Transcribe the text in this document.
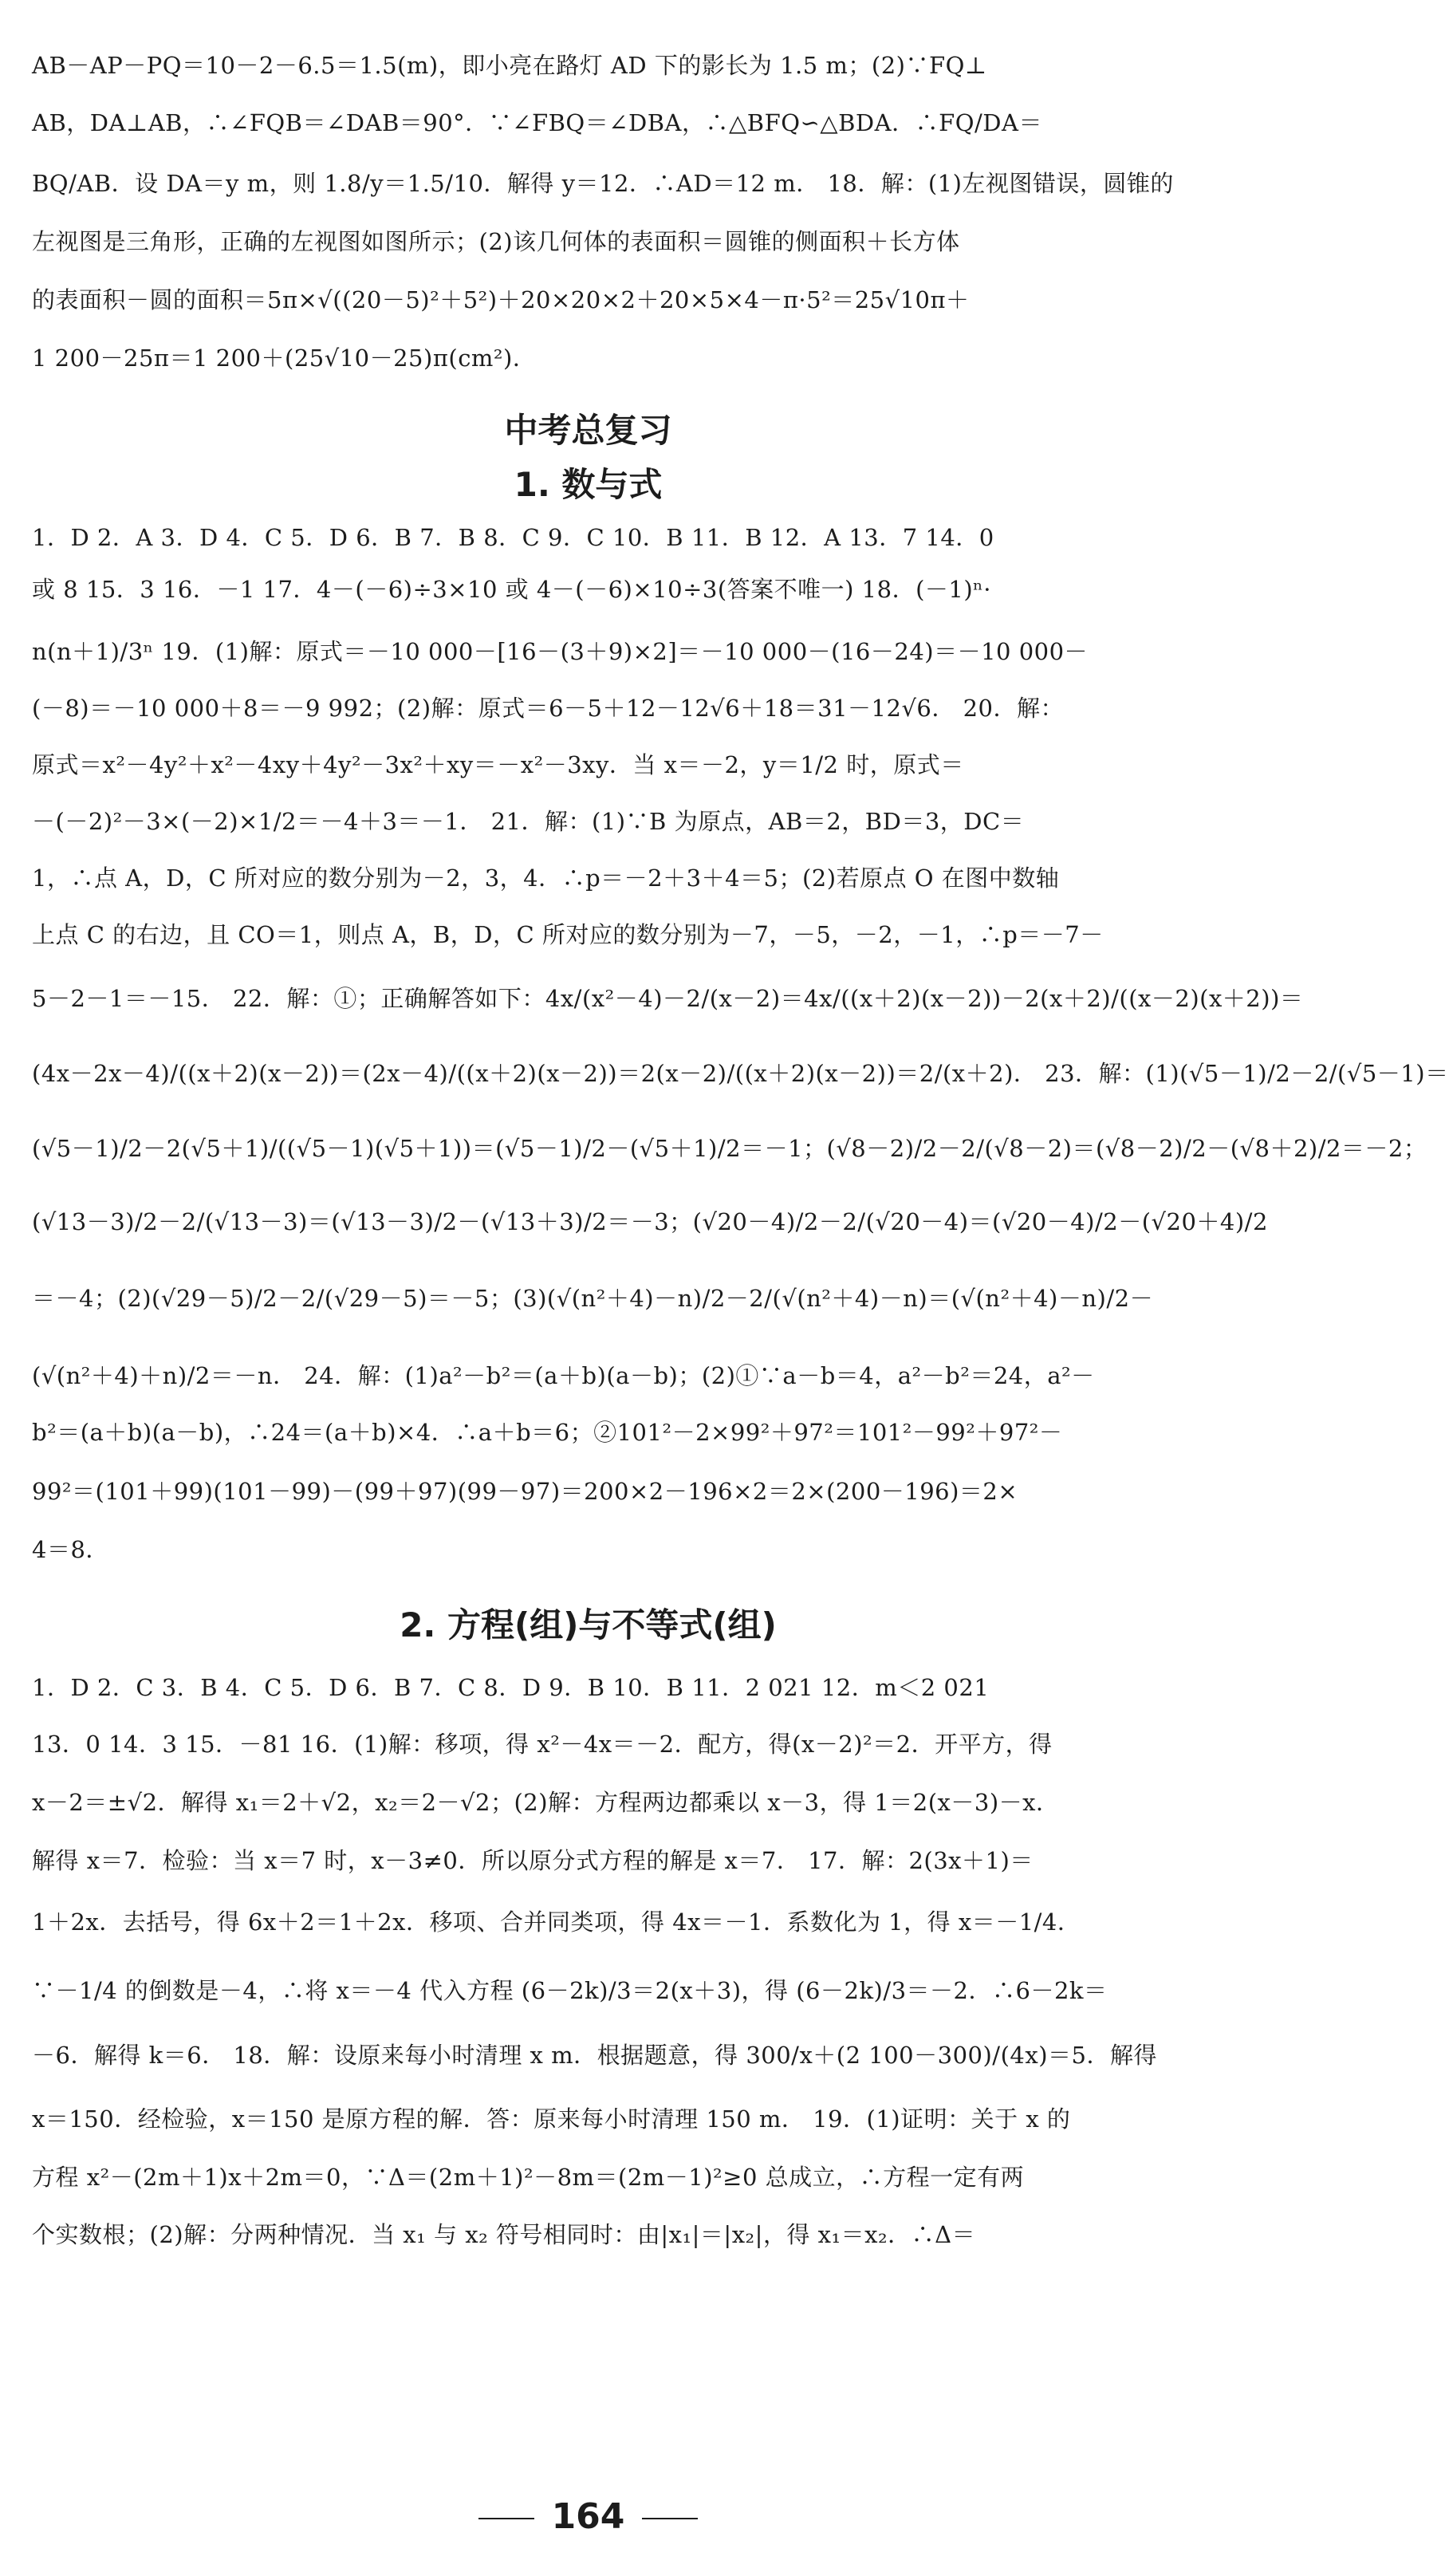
AB－AP－PQ＝10－2－6.5＝1.5(m)，即小亮在路灯 AD 下的影长为 1.5 m；(2)∵FQ⊥
AB，DA⊥AB，∴∠FQB＝∠DAB＝90°．∵∠FBQ＝∠DBA，∴△BFQ∽△BDA．∴FQ/DA＝
BQ/AB．设 DA＝y m，则 1.8/y＝1.5/10．解得 y＝12．∴AD＝12 m． 18．解：(1)左视图错误，圆锥的
左视图是三角形，正确的左视图如图所示；(2)该几何体的表面积＝圆锥的侧面积＋长方体
的表面积－圆的面积＝5π×√((20－5)²＋5²)＋20×20×2＋20×5×4－π·5²＝25√10π＋
1 200－25π＝1 200＋(25√10－25)π(cm²)．
中考总复习
1. 数与式
1．D 2．A 3．D 4．C 5．D 6．B 7．B 8．C 9．C 10．B 11．B 12．A 13．7 14．0
或 8 15．3 16．－1 17．4－(－6)÷3×10 或 4－(－6)×10÷3(答案不唯一) 18．(－1)ⁿ·
n(n＋1)/3ⁿ 19．(1)解：原式＝－10 000－[16－(3＋9)×2]＝－10 000－(16－24)＝－10 000－
(－8)＝－10 000＋8＝－9 992；(2)解：原式＝6－5＋12－12√6＋18＝31－12√6． 20．解：
原式＝x²－4y²＋x²－4xy＋4y²－3x²＋xy＝－x²－3xy．当 x＝－2，y＝1/2 时，原式＝
－(－2)²－3×(－2)×1/2＝－4＋3＝－1． 21．解：(1)∵B 为原点，AB＝2，BD＝3，DC＝
1，∴点 A，D，C 所对应的数分别为－2，3，4．∴p＝－2＋3＋4＝5；(2)若原点 O 在图中数轴
上点 C 的右边，且 CO＝1，则点 A，B，D，C 所对应的数分别为－7，－5，－2，－1，∴p＝－7－
5－2－1＝－15． 22．解：①；正确解答如下：4x/(x²－4)－2/(x－2)＝4x/((x＋2)(x－2))－2(x＋2)/((x－2)(x＋2))＝
(4x－2x－4)/((x＋2)(x－2))＝(2x－4)/((x＋2)(x－2))＝2(x－2)/((x＋2)(x－2))＝2/(x＋2)． 23．解：(1)(√5－1)/2－2/(√5－1)＝
(√5－1)/2－2(√5＋1)/((√5－1)(√5＋1))＝(√5－1)/2－(√5＋1)/2＝－1；(√8－2)/2－2/(√8－2)＝(√8－2)/2－(√8＋2)/2＝－2；
(√13－3)/2－2/(√13－3)＝(√13－3)/2－(√13＋3)/2＝－3；(√20－4)/2－2/(√20－4)＝(√20－4)/2－(√20＋4)/2
＝－4；(2)(√29－5)/2－2/(√29－5)＝－5；(3)(√(n²＋4)－n)/2－2/(√(n²＋4)－n)＝(√(n²＋4)－n)/2－
(√(n²＋4)＋n)/2＝－n． 24．解：(1)a²－b²＝(a＋b)(a－b)；(2)①∵a－b＝4，a²－b²＝24，a²－
b²＝(a＋b)(a－b)，∴24＝(a＋b)×4．∴a＋b＝6；②101²－2×99²＋97²＝101²－99²＋97²－
99²＝(101＋99)(101－99)－(99＋97)(99－97)＝200×2－196×2＝2×(200－196)＝2×
4＝8．
2. 方程(组)与不等式(组)
1．D 2．C 3．B 4．C 5．D 6．B 7．C 8．D 9．B 10．B 11．2 021 12．m＜2 021
13．0 14．3 15．－81 16．(1)解：移项，得 x²－4x＝－2．配方，得(x－2)²＝2．开平方，得
x－2＝±√2．解得 x₁＝2＋√2，x₂＝2－√2；(2)解：方程两边都乘以 x－3，得 1＝2(x－3)－x．
解得 x＝7．检验：当 x＝7 时，x－3≠0．所以原分式方程的解是 x＝7． 17．解：2(3x＋1)＝
1＋2x．去括号，得 6x＋2＝1＋2x．移项、合并同类项，得 4x＝－1．系数化为 1，得 x＝－1/4．
∵－1/4 的倒数是－4，∴将 x＝－4 代入方程 (6－2k)/3＝2(x＋3)，得 (6－2k)/3＝－2．∴6－2k＝
－6．解得 k＝6． 18．解：设原来每小时清理 x m．根据题意，得 300/x＋(2 100－300)/(4x)＝5．解得
x＝150．经检验，x＝150 是原方程的解．答：原来每小时清理 150 m． 19．(1)证明：关于 x 的
方程 x²－(2m＋1)x＋2m＝0，∵Δ＝(2m＋1)²－8m＝(2m－1)²≥0 总成立，∴方程一定有两
个实数根；(2)解：分两种情况．当 x₁ 与 x₂ 符号相同时：由|x₁|＝|x₂|，得 x₁＝x₂．∴Δ＝
164
